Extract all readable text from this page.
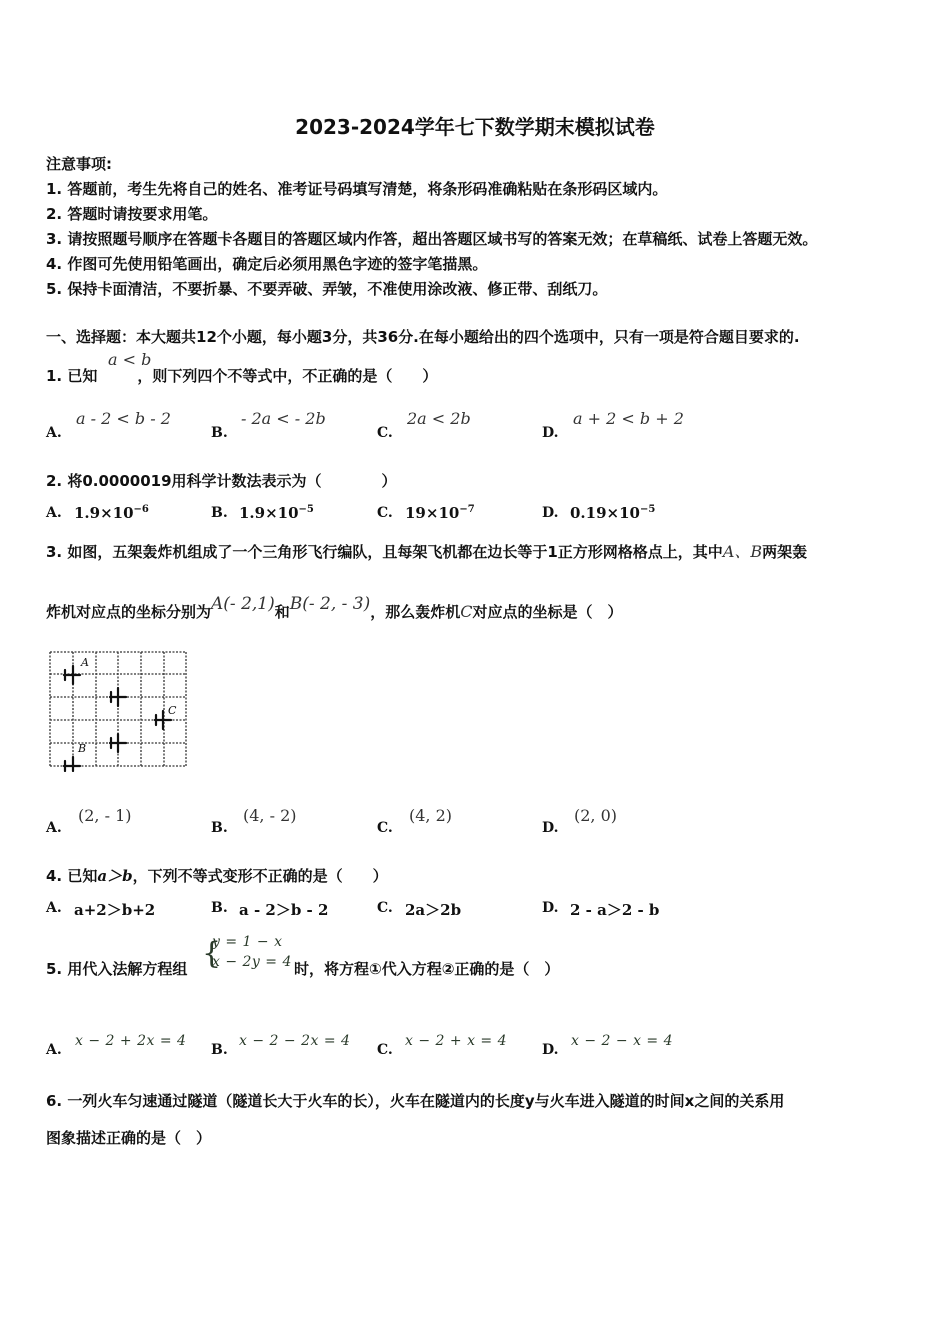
2023-2024学年七下数学期末模拟试卷
注意事项:
1. 答题前，考生先将自己的姓名、准考证号码填写清楚，将条形码准确粘贴在条形码区域内。
2. 答题时请按要求用笔。
3. 请按照题号顺序在答题卡各题目的答题区域内作答，超出答题区域书写的答案无效；在草稿纸、试卷上答题无效。
4. 作图可先使用铅笔画出，确定后必须用黑色字迹的签字笔描黑。
5. 保持卡面清洁，不要折暴、不要弄破、弄皱，不准使用涂改液、修正带、刮纸刀。
一、选择题：本大题共12个小题，每小题3分，共36分.在每小题给出的四个选项中，只有一项是符合题目要求的.
a < b
1. 已知	，则下列四个不等式中，不正确的是（　　）
A.
a - 2 < b - 2
B.
- 2a < - 2b
C.
2a < 2b
D.
a + 2 < b + 2
2. 将0.0000019用科学计数法表示为（　　　　）
A. $1.9\times 10^{-6}$	B. $1.9\times 10^{-5}$	C. $19\times 10^{-7}$	D. $0.19\times 10^{-5}$
3. 如图，五架轰炸机组成了一个三角形飞行编队，且每架飞机都在边长等于1正方形网格格点上，其中A、B两架轰
炸机对应点的坐标分别为A(- 2,1)和B(- 2, - 3)，那么轰炸机C对应点的坐标是（　）
A
C
B
A.
(2, - 1)
B.
(4, - 2)
C.
(4, 2)
D.
(2, 0)
4. 已知a＞b，下列不等式变形不正确的是（　　）
A. a+2＞b+2	B. a - 2＞b - 2	C. 2a＞2b	D. 2 - a＞2 - b
5. 用代入法解方程组 {
y = 1 − x
x − 2y = 4 时，将方程①代入方程②正确的是（　）
A.
x − 2 + 2x = 4
B.
x − 2 − 2x = 4
C.
x − 2 + x = 4
D.
x − 2 − x = 4
6. 一列火车匀速通过隧道（隧道长大于火车的长），火车在隧道内的长度y与火车进入隧道的时间x之间的关系用
图象描述正确的是（　）
